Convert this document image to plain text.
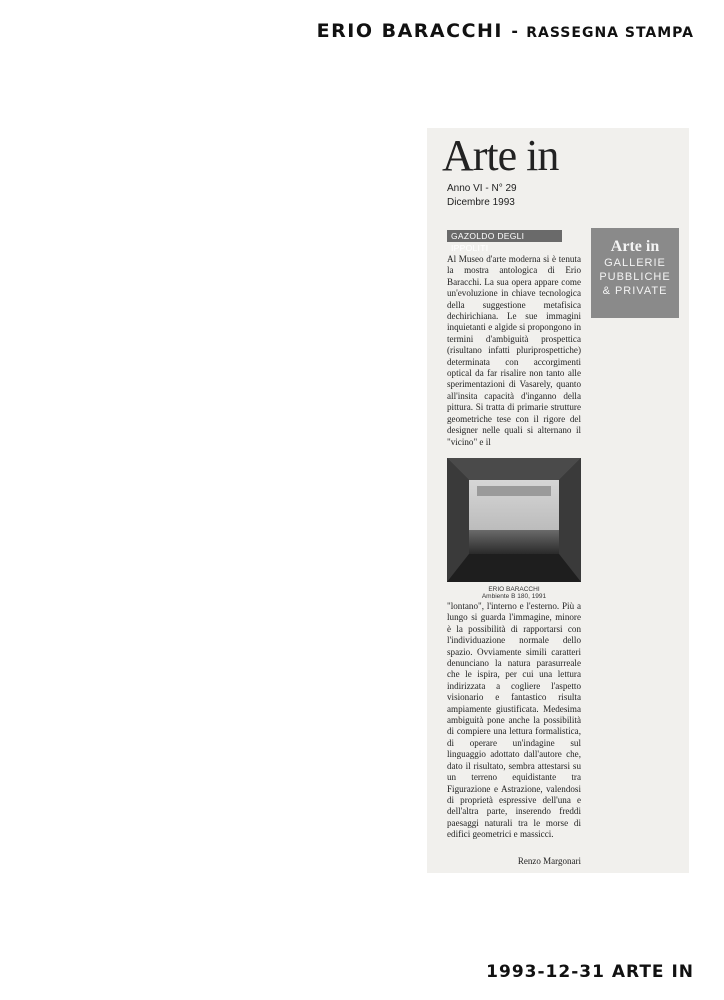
ERIO BARACCHI - RASSEGNA STAMPA
Arte in
Anno VI - N° 29
Dicembre 1993
GAZOLDO DEGLI IPPOLITI	Arte in
GALLERIE
PUBBLICHE
& PRIVATE
Al Museo d'arte moderna si è tenuta la mostra antologica di Erio Baracchi. La sua opera appare come un'evoluzione in chiave tecnologica della suggestione metafisica dechirichiana. Le sue immagini inquietanti e algide si propongono in termini d'ambiguità prospettica (risultano infatti pluriprospettiche) determinata con accorgimenti optical da far risalire non tanto alle sperimentazioni di Vasarely, quanto all'insita capacità d'inganno della pittura. Si tratta di primarie strutture geometriche tese con il rigore del designer nelle quali si alternano il "vicino" e il
ERIO BARACCHI
Ambiente B 180, 1991
"lontano", l'interno e l'esterno. Più a lungo si guarda l'immagine, minore è la possibilità di rapportarsi con l'individuazione normale dello spazio. Ovviamente simili caratteri denunciano la natura parasurreale che le ispira, per cui una lettura indirizzata a cogliere l'aspetto visionario e fantastico risulta ampiamente giustificata. Medesima ambiguità pone anche la possibilità di compiere una lettura formalistica, di operare un'indagine sul linguaggio adottato dall'autore che, dato il risultato, sembra attestarsi su un terreno equidistante tra Figurazione e Astrazione, valendosi di proprietà espressive dell'una e dell'altra parte, inserendo freddi paesaggi naturali tra le morse di edifici geometrici e massicci.
Renzo Margonari
1993-12-31 ARTE IN
